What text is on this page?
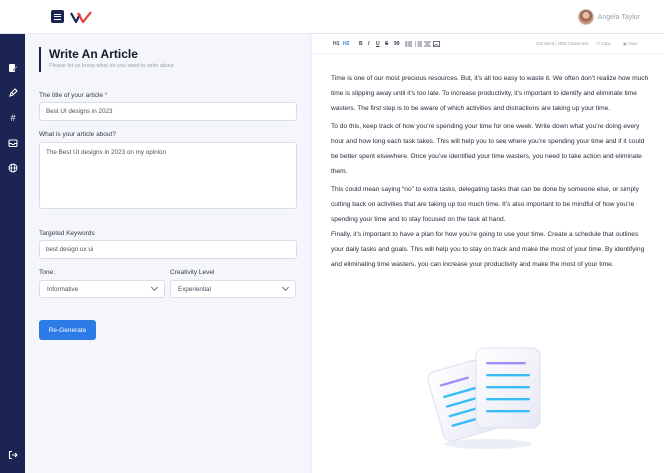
Angela Taylor
#
Write An Article
Please let us know what do you want to write about
The title of your article *
Best UI designs in 2023
What is your article about?
The Best UI designs in 2023 on my opinion
Targeted Keywords
best design ux ui
Tone:
Informative
Creativity Level
Experiential
Re-Generate
H1 H2 B I U S 99	342 Word | 2000 Characters ❐ Copy	▣ Save

Time is one of our most precious resources. But, it’s all too easy to waste it. We often don’t realize how much time is slipping away until it’s too late. To increase productivity, it’s important to identify and eliminate time wasters. The first step is to be aware of which activities and distractions are taking up your time.

To do this, keep track of how you’re spending your time for one week. Write down what you’re doing every hour and how long each task takes. This will help you to see where you’re spending your time and if it could be better spent elsewhere. Once you’ve identified your time wasters, you need to take action and eliminate them.

This could mean saying “no” to extra tasks, delegating tasks that can be done by someone else, or simply cutting back on activities that are taking up too much time. It’s also important to be mindful of how you’re spending your time and to stay focused on the task at hand.

Finally, it’s important to have a plan for how you’re going to use your time. Create a schedule that outlines your daily tasks and goals. This will help you to stay on track and make the most of your time. By identifying and eliminating time wasters, you can increase your productivity and make the most of your time.
